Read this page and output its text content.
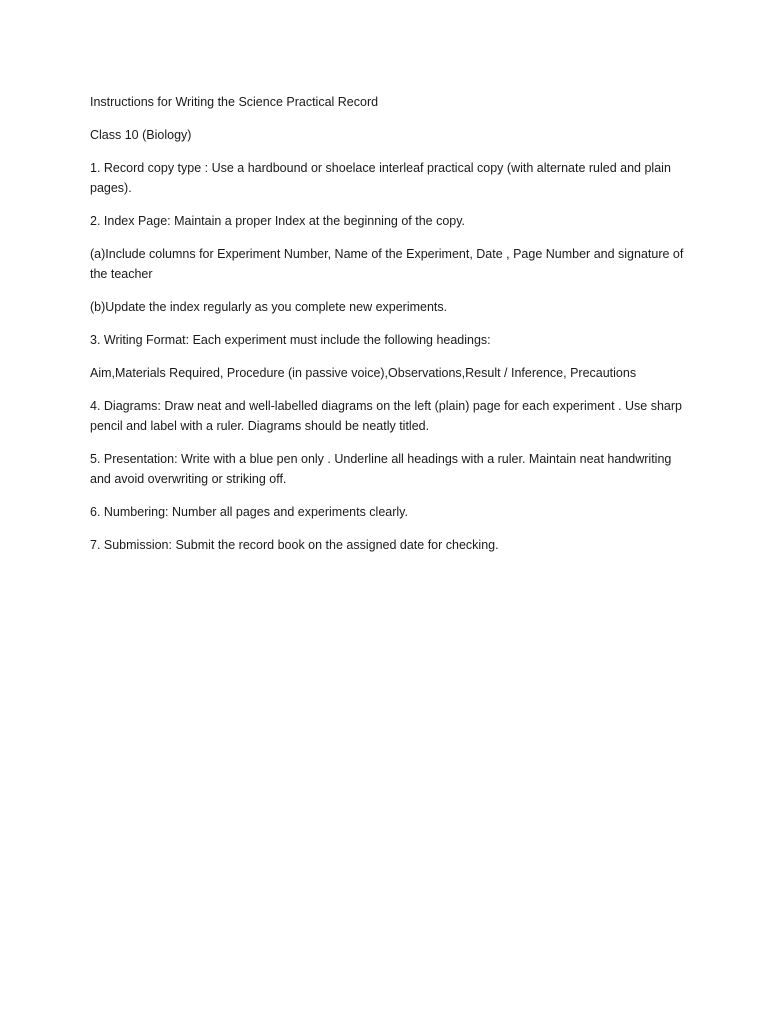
Instructions for Writing the Science Practical Record

Class 10 (Biology)

1. Record copy type : Use a hardbound or shoelace interleaf practical copy (with alternate ruled and plain pages).

2. Index Page: Maintain a proper Index at the beginning of the copy.

(a)Include columns for Experiment Number, Name of the Experiment, Date , Page Number and signature of the teacher

(b)Update the index regularly as you complete new experiments.

3. Writing Format: Each experiment must include the following headings:

Aim,Materials Required, Procedure (in passive voice),Observations,Result / Inference, Precautions

4. Diagrams: Draw neat and well-labelled diagrams on the left (plain) page for each experiment . Use sharp pencil and label with a ruler. Diagrams should be neatly titled.

5. Presentation: Write with a blue pen only . Underline all headings with a ruler. Maintain neat handwriting and avoid overwriting or striking off.

6. Numbering: Number all pages and experiments clearly.

7. Submission: Submit the record book on the assigned date for checking.
